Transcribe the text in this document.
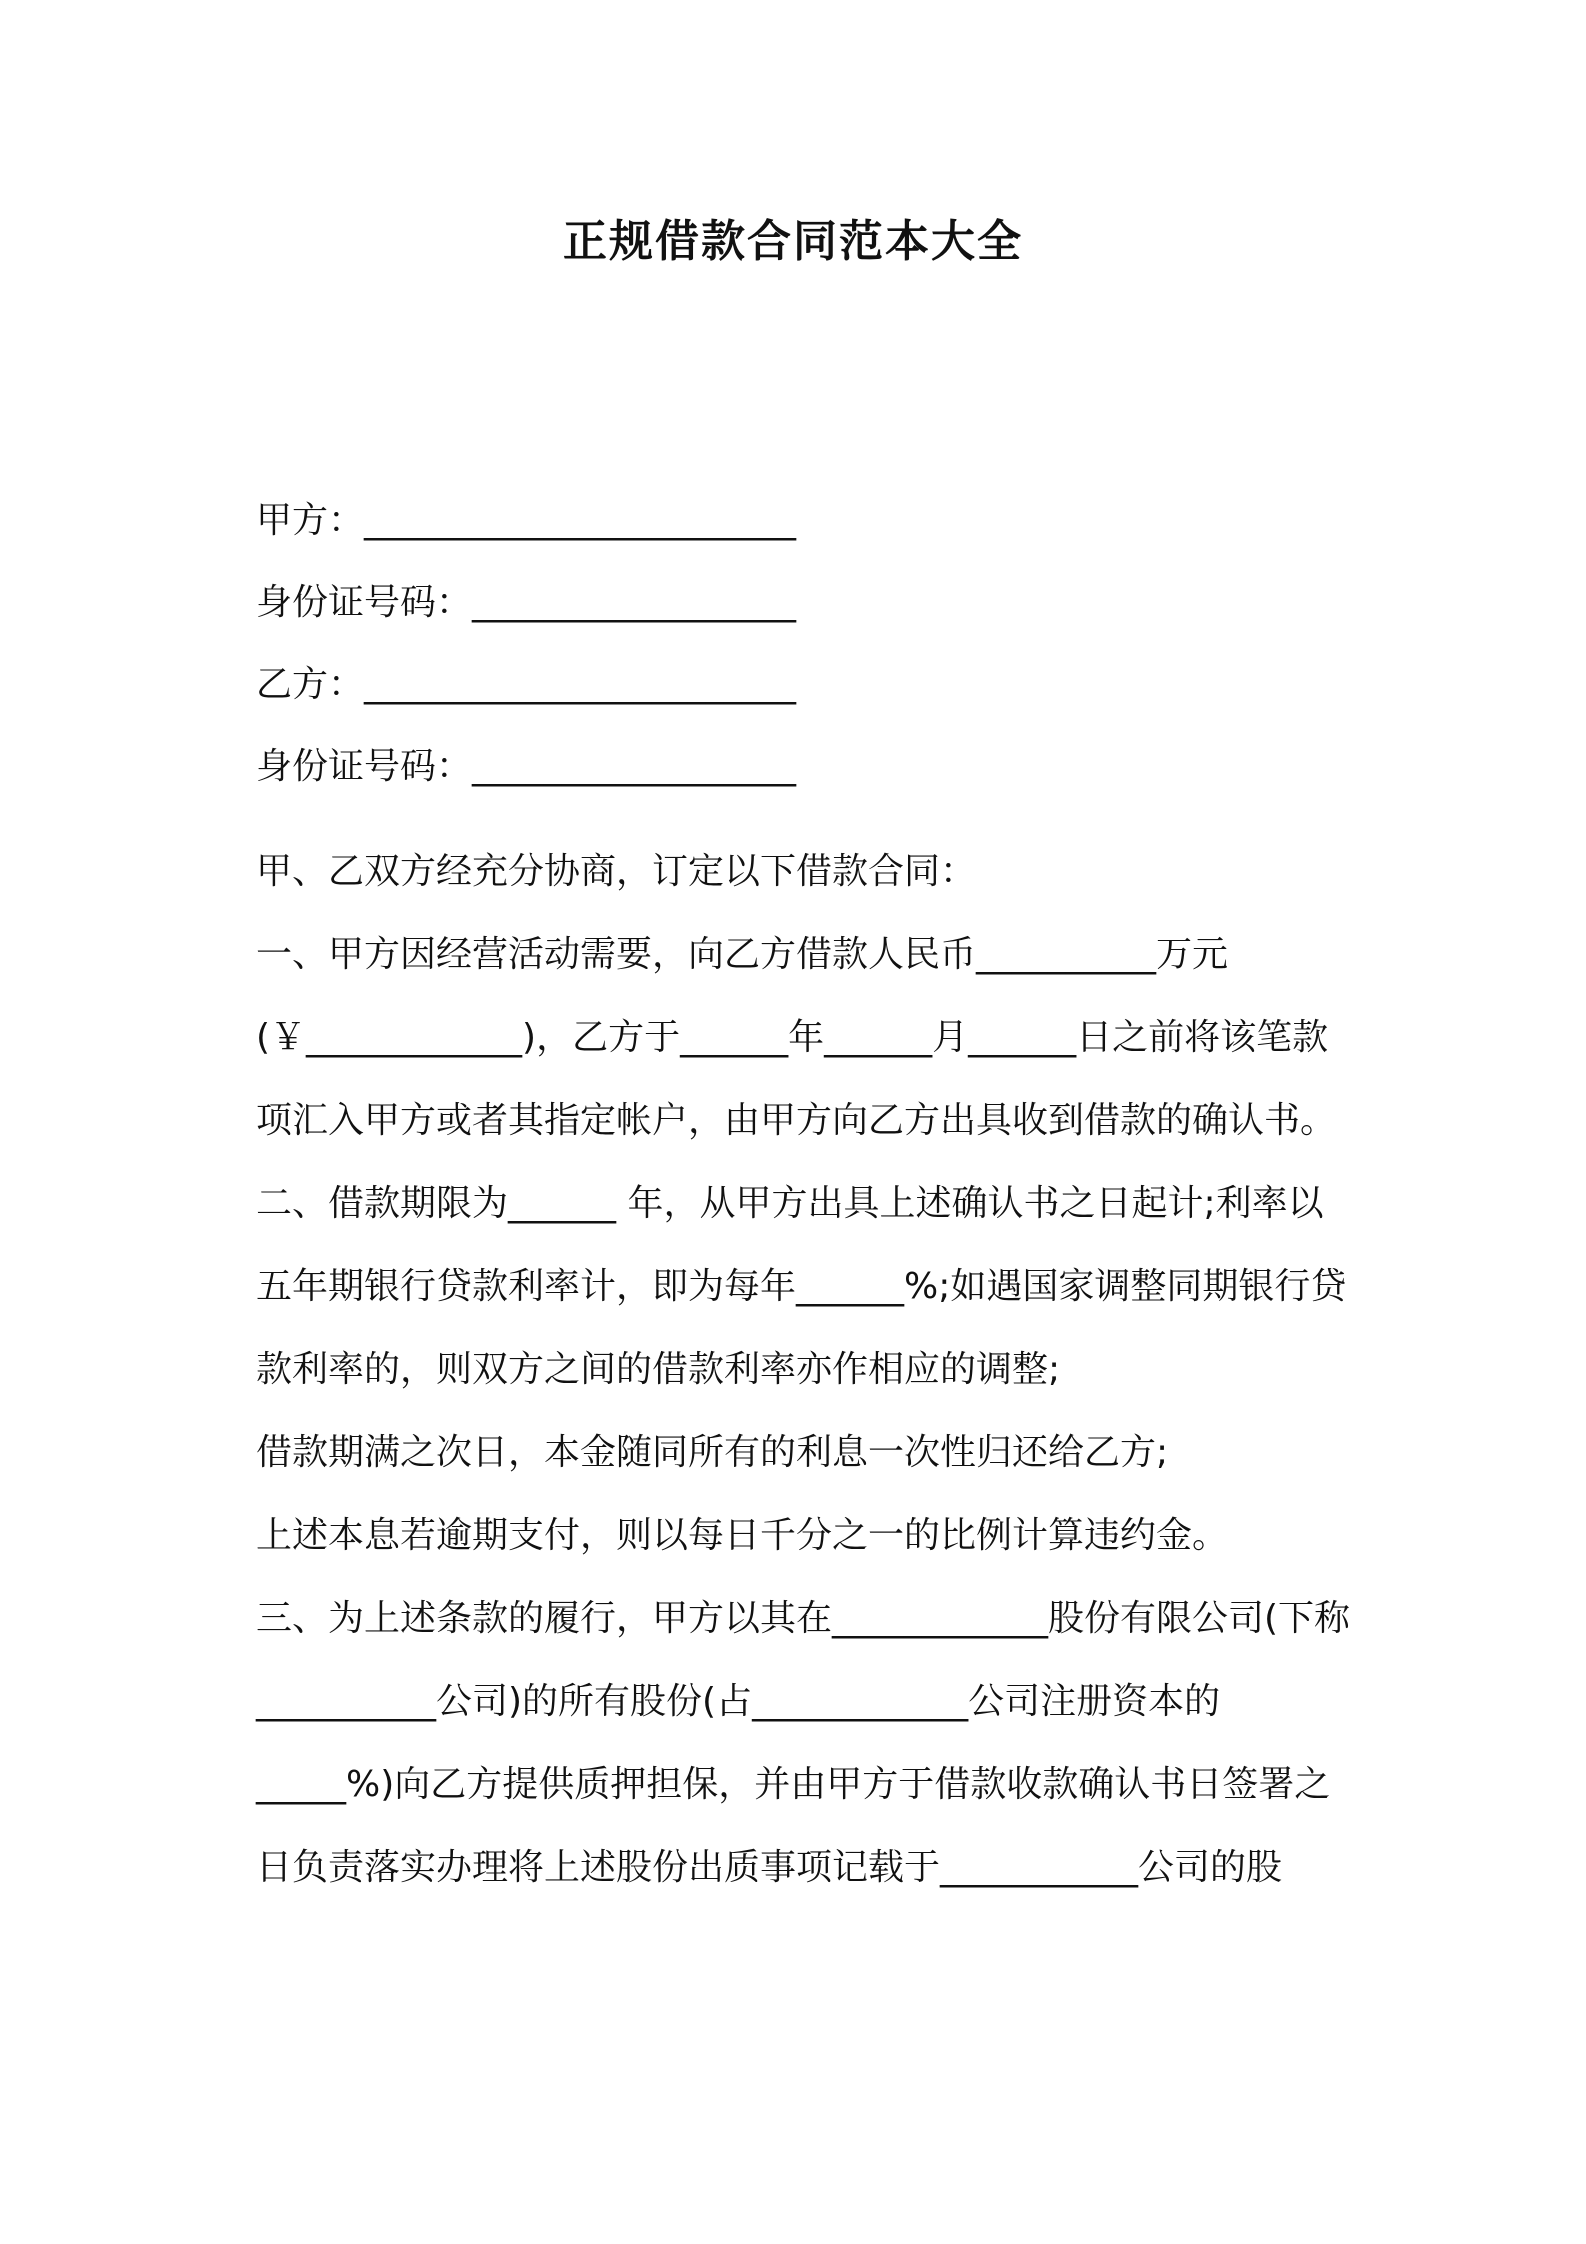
正规借款合同范本大全
甲方：________________________
身份证号码：__________________
乙方：________________________
身份证号码：__________________

甲、乙双方经充分协商，订定以下借款合同：

一、甲方因经营活动需要，向乙方借款人民币__________万元(￥____________)，乙方于______年______月______日之前将该笔款项汇入甲方或者其指定帐户，由甲方向乙方出具收到借款的确认书。

二、借款期限为______ 年，从甲方出具上述确认书之日起计;利率以五年期银行贷款利率计，即为每年______%;如遇国家调整同期银行贷款利率的，则双方之间的借款利率亦作相应的调整;

借款期满之次日，本金随同所有的利息一次性归还给乙方;

上述本息若逾期支付，则以每日千分之一的比例计算违约金。

三、为上述条款的履行，甲方以其在____________股份有限公司(下称__________公司)的所有股份(占____________公司注册资本的_____%)向乙方提供质押担保，并由甲方于借款收款确认书日签署之日负责落实办理将上述股份出质事项记载于___________公司的股
